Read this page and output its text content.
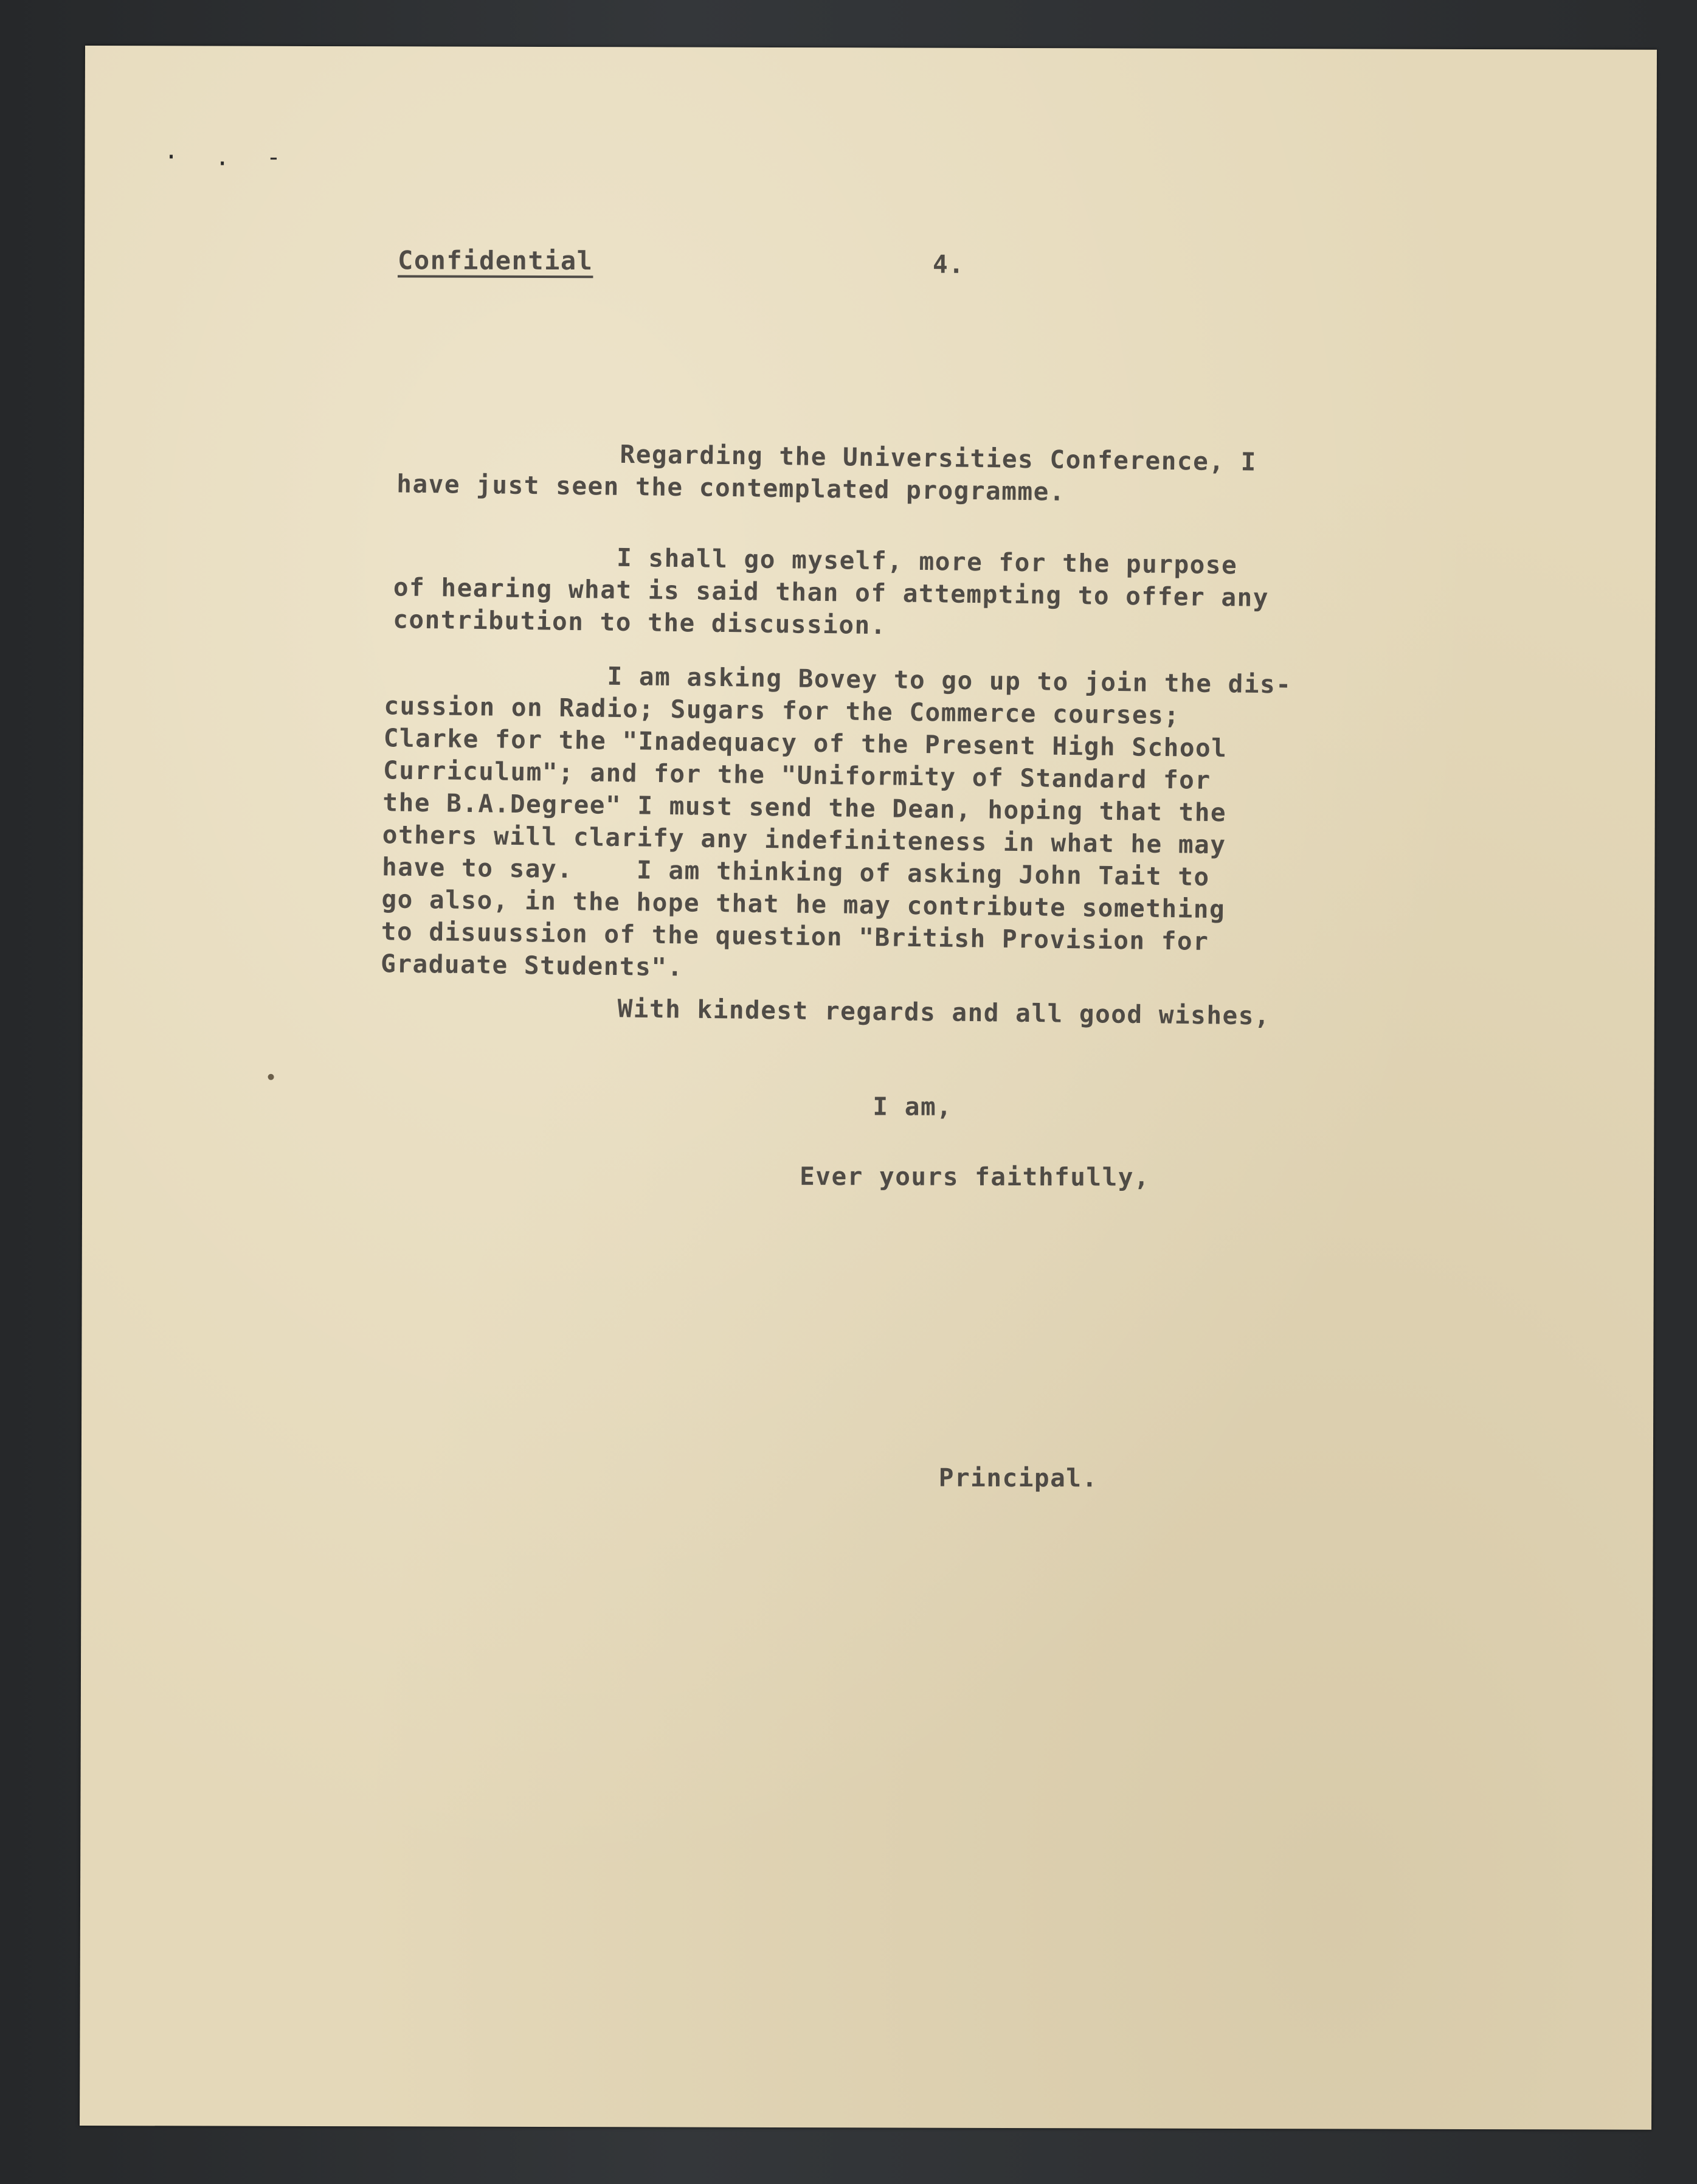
· . -
Confidential	4.
Regarding the Universities Conference, I
have just seen the contemplated programme.
I shall go myself, more for the purpose
of hearing what is said than of attempting to offer any
contribution to the discussion.
I am asking Bovey to go up to join the dis-
cussion on Radio; Sugars for the Commerce courses;
Clarke for the "Inadequacy of the Present High School
Curriculum"; and for the "Uniformity of Standard for
the B.A.Degree" I must send the Dean, hoping that the
others will clarify any indefiniteness in what he may
have to say.    I am thinking of asking John Tait to
go also, in the hope that he may contribute something
to disuussion of the question "British Provision for
Graduate Students".
With kindest regards and all good wishes,
I am,
Ever yours faithfully,
Principal.
